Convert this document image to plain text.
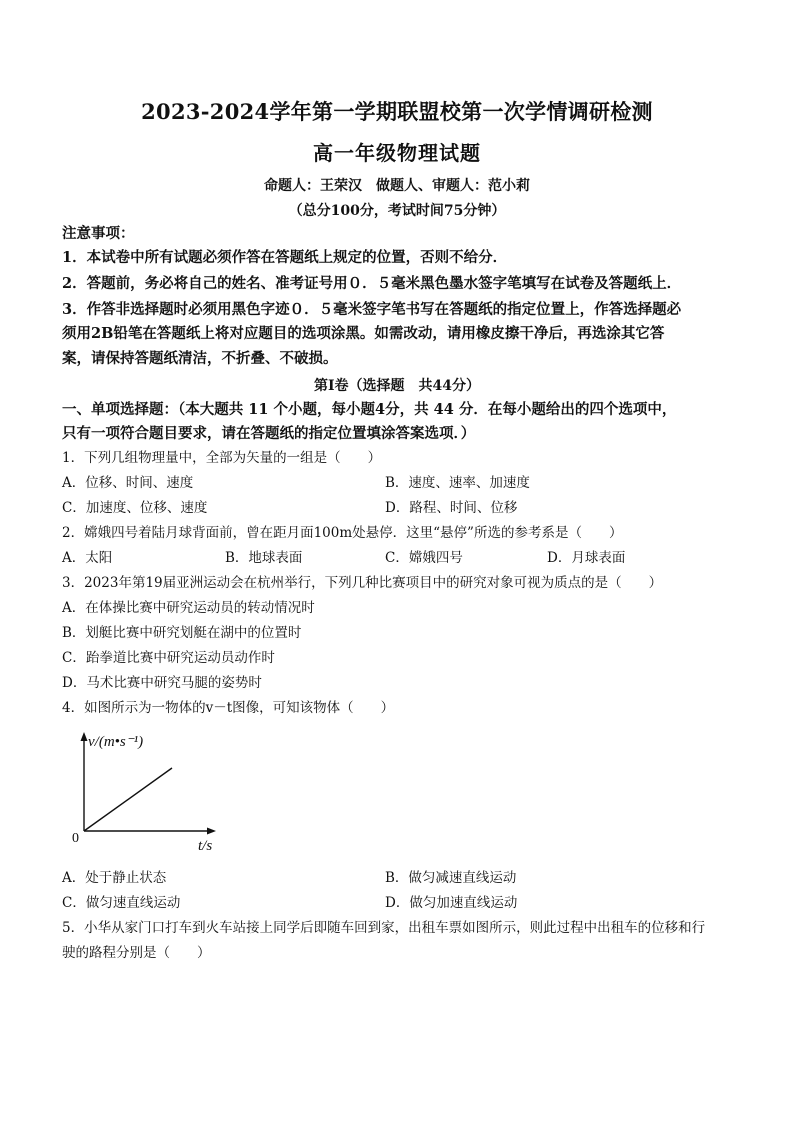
2023-2024学年第一学期联盟校第一次学情调研检测
高一年级物理试题
命题人：王荣汉　做题人、审题人：范小莉
（总分100分，考试时间75分钟）
注意事项：
1．本试卷中所有试题必须作答在答题纸上规定的位置，否则不给分．
2．答题前，务必将自己的姓名、准考证号用０．５毫米黑色墨水签字笔填写在试卷及答题纸上．
3．作答非选择题时必须用黑色字迹０．５毫米签字笔书写在答题纸的指定位置上，作答选择题必
须用2B铅笔在答题纸上将对应题目的选项涂黑。如需改动，请用橡皮擦干净后，再选涂其它答
案，请保持答题纸清洁，不折叠、不破损。
第Ⅰ卷（选择题　共44分）
一、单项选择题：（本大题共 11 个小题，每小题4分，共 44 分．在每小题给出的四个选项中，
只有一项符合题目要求，请在答题纸的指定位置填涂答案选项．）
1．下列几组物理量中，全部为矢量的一组是（　　）
A．位移、时间、速度	B．速度、速率、加速度
C．加速度、位移、速度	D．路程、时间、位移
2．嫦娥四号着陆月球背面前，曾在距月面100m处悬停．这里“悬停”所选的参考系是（　　）
A．太阳	B．地球表面	C．嫦娥四号	D．月球表面
3．2023年第19届亚洲运动会在杭州举行，下列几种比赛项目中的研究对象可视为质点的是（　　）
A．在体操比赛中研究运动员的转动情况时
B．划艇比赛中研究划艇在湖中的位置时
C．跆拳道比赛中研究运动员动作时
D．马术比赛中研究马腿的姿势时
4．如图所示为一物体的v－t图像，可知该物体（　　）
v/(m•s⁻¹)
t/s
0
A．处于静止状态	B．做匀减速直线运动
C．做匀速直线运动	D．做匀加速直线运动
5．小华从家门口打车到火车站接上同学后即随车回到家，出租车票如图所示，则此过程中出租车的位移和行
驶的路程分别是（　　）
